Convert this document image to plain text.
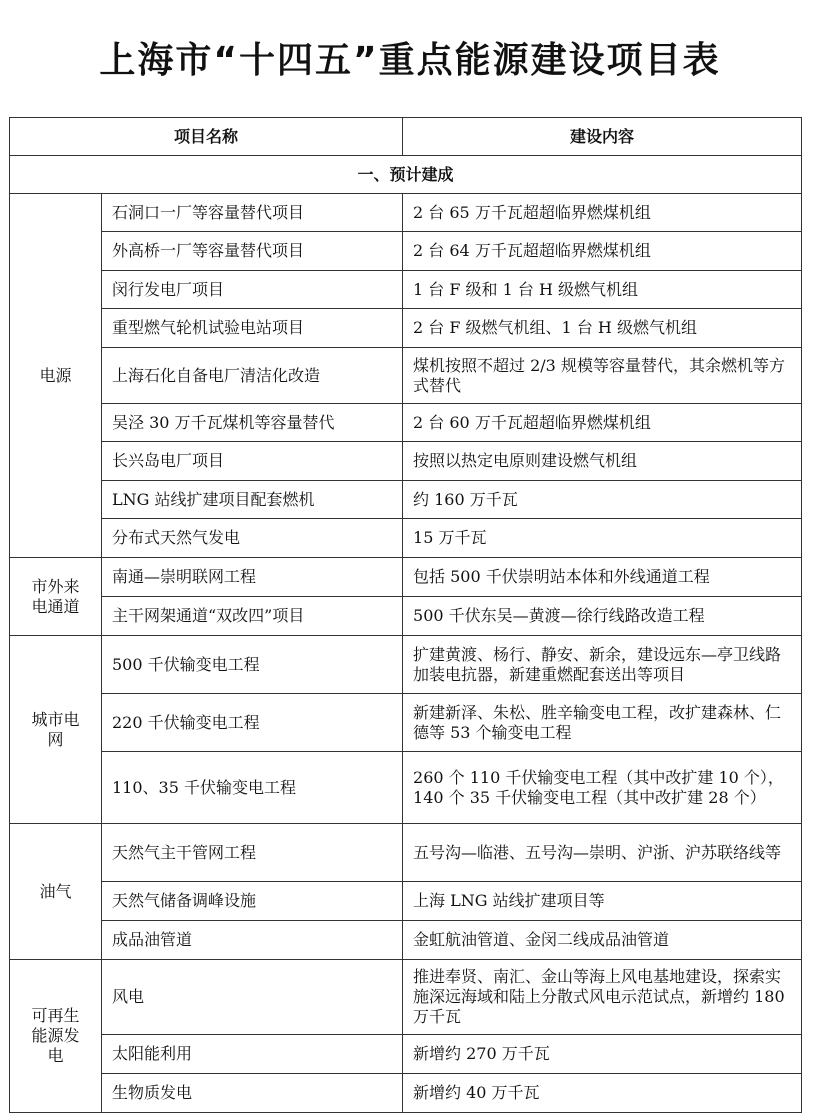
上海市“十四五”重点能源建设项目表
项目名称		建设内容
一、预计建成		
电源	石洞口一厂等容量替代项目	2 台 65 万千瓦超超临界燃煤机组
	外高桥一厂等容量替代项目	2 台 64 万千瓦超超临界燃煤机组
	闵行发电厂项目	1 台 F 级和 1 台 H 级燃气机组
	重型燃气轮机试验电站项目	2 台 F 级燃气机组、1 台 H 级燃气机组
	上海石化自备电厂清洁化改造	煤机按照不超过 2/3 规模等容量替代，其余燃机等方式替代
	吴泾 30 万千瓦煤机等容量替代	2 台 60 万千瓦超超临界燃煤机组
	长兴岛电厂项目	按照以热定电原则建设燃气机组
	LNG 站线扩建项目配套燃机	约 160 万千瓦
	分布式天然气发电	15 万千瓦
市外来电通道	南通—崇明联网工程	包括 500 千伏崇明站本体和外线通道工程
	主干网架通道“双改四”项目	500 千伏东吴—黄渡—徐行线路改造工程
城市电网	500 千伏输变电工程	扩建黄渡、杨行、静安、新余，建设远东—亭卫线路加装电抗器，新建重燃配套送出等项目
	220 千伏输变电工程	新建新泽、朱松、胜辛输变电工程，改扩建森林、仁德等 53 个输变电工程
	110、35 千伏输变电工程	260 个 110 千伏输变电工程（其中改扩建 10 个），140 个 35 千伏输变电工程（其中改扩建 28 个）
油气	天然气主干管网工程	五号沟—临港、五号沟—崇明、沪浙、沪苏联络线等
	天然气储备调峰设施	上海 LNG 站线扩建项目等
	成品油管道	金虹航油管道、金闵二线成品油管道
可再生能源发电	风电	推进奉贤、南汇、金山等海上风电基地建设，探索实施深远海域和陆上分散式风电示范试点，新增约 180 万千瓦
	太阳能利用	新增约 270 万千瓦
	生物质发电	新增约 40 万千瓦
